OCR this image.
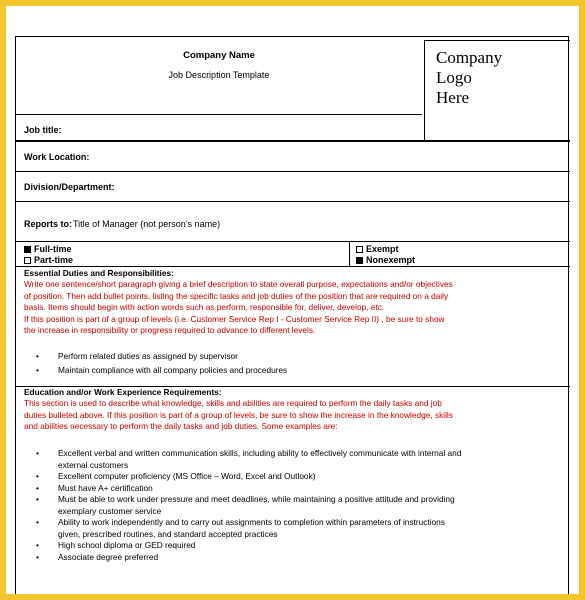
Company Name
Job Description Template
Company
Logo
Here
Job title:
Work Location:
Division/Department:
Reports to: Title of Manager (not person’s name)
Full-time
Part-time
Exempt
Nonexempt
Essential Duties and Responsibilities:
Write one sentence/short paragraph giving a brief description to state overall purpose, expectations and/or objectives
of position. Then add bullet points, listing the specific tasks and job duties of the position that are required on a daily
basis. Items should begin with action words such as perform, responsible for, deliver, develop, etc.
If this position is part of a group of levels (i.e. Customer Service Rep I - Customer Service Rep II) , be sure to show
the increase in responsibility or progress required to advance to different levels.
• Perform related duties as assigned by supervisor
• Maintain compliance with all company policies and procedures
Education and/or Work Experience Requirements:
This section is used to describe what knowledge, skills and abilities are required to perform the daily tasks and job
duties bulleted above. If this position is part of a group of levels, be sure to show the increase in the knowledge, skills
and abilities necessary to perform the daily tasks and job duties. Some examples are:
• Excellent verbal and written communication skills, including ability to effectively communicate with internal and
external customers
• Excellent computer proficiency (MS Office – Word, Excel and Outlook)
• Must have A+ certification
• Must be able to work under pressure and meet deadlines, while maintaining a positive attitude and providing
exemplary customer service
• Ability to work independently and to carry out assignments to completion within parameters of instructions
given, prescribed routines, and standard accepted practices
• High school diploma or GED required
• Associate degree preferred
